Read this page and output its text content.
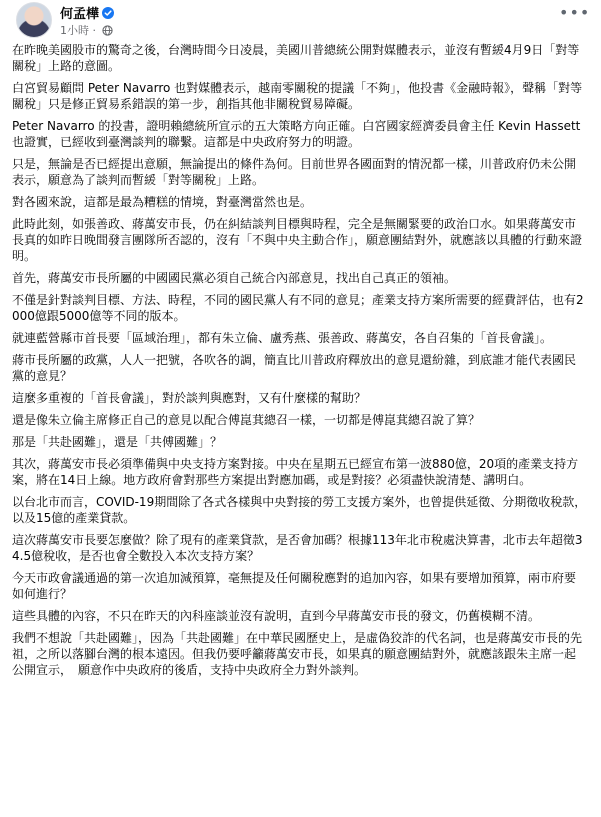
何孟樺
1小時 ·
•••

在昨晚美國股市的驚奇之後，台灣時間今日凌晨，美國川普總統公開對媒體表示，並沒有暫緩4月9日「對等關稅」上路的意圖。

白宮貿易顧問 Peter Navarro 也對媒體表示，越南零關稅的提議「不夠」，他投書《金融時報》，聲稱「對等關稅」只是修正貿易系錯誤的第一步，創指其他非關稅貿易障礙。

Peter Navarro 的投書，證明賴總統所宣示的五大策略方向正確。白宮國家經濟委員會主任 Kevin Hassett 也證實，已經收到臺灣談判的聯繫。這都是中央政府努力的明證。

只是，無論是否已經提出意願，無論提出的條件為何。目前世界各國面對的情況都一樣，川普政府仍未公開表示，願意為了談判而暫緩「對等關稅」上路。

對各國來說，這都是最為糟糕的情境，對臺灣當然也是。

此時此刻，如張善政、蔣萬安市長，仍在糾結談判目標與時程，完全是無關緊要的政治口水。如果蔣萬安市長真的如昨日晚間發言團隊所否認的，沒有「不與中央主動合作」，願意團結對外，就應該以具體的行動來證明。

首先，蔣萬安市長所屬的中國國民黨必須自己統合內部意見，找出自己真正的領袖。

不僅是針對談判目標、方法、時程，不同的國民黨人有不同的意見；產業支持方案所需要的經費評估，也有2000億跟5000億等不同的版本。

就連藍營縣市首長要「區域治理」，都有朱立倫、盧秀燕、張善政、蔣萬安，各自召集的「首長會議」。

蔣市長所屬的政黨，人人一把號，各吹各的調，簡直比川普政府釋放出的意見還紛雜，到底誰才能代表國民黨的意見？

這麼多重複的「首長會議」，對於談判與應對，又有什麼樣的幫助？

還是像朱立倫主席修正自己的意見以配合傅崑萁總召一樣，一切都是傅崑萁總召說了算？

那是「共赴國難」，還是「共傅國難」？

其次，蔣萬安市長必須準備與中央支持方案對接。中央在星期五已經宣布第一波880億，20項的產業支持方案，將在14日上線。地方政府會對那些方案提出對應加碼，或是對接？必須盡快說清楚、講明白。

以台北市而言，COVID-19期間除了各式各樣與中央對接的勞工支援方案外，也曾提供延徵、分期徵收稅款，以及15億的產業貸款。

這次蔣萬安市長要怎麼做？除了現有的產業貸款，是否會加碼？根據113年北市稅處決算書，北市去年超徵34.5億稅收，是否也會全數投入本次支持方案？

今天市政會議通過的第一次追加減預算，毫無提及任何關稅應對的追加內容，如果有要增加預算，兩市府要如何進行？

這些具體的內容，不只在昨天的內科座談並沒有說明，直到今早蔣萬安市長的發文，仍舊模糊不清。

我們不想說「共赴國難」，因為「共赴國難」在中華民國歷史上，是虛偽狡詐的代名詞，也是蔣萬安市長的先祖，之所以落腳台灣的根本遠因。但我仍要呼籲蔣萬安市長，如果真的願意團結對外，就應該跟朱主席一起公開宣示，　願意作中央政府的後盾，支持中央政府全力對外談判。
